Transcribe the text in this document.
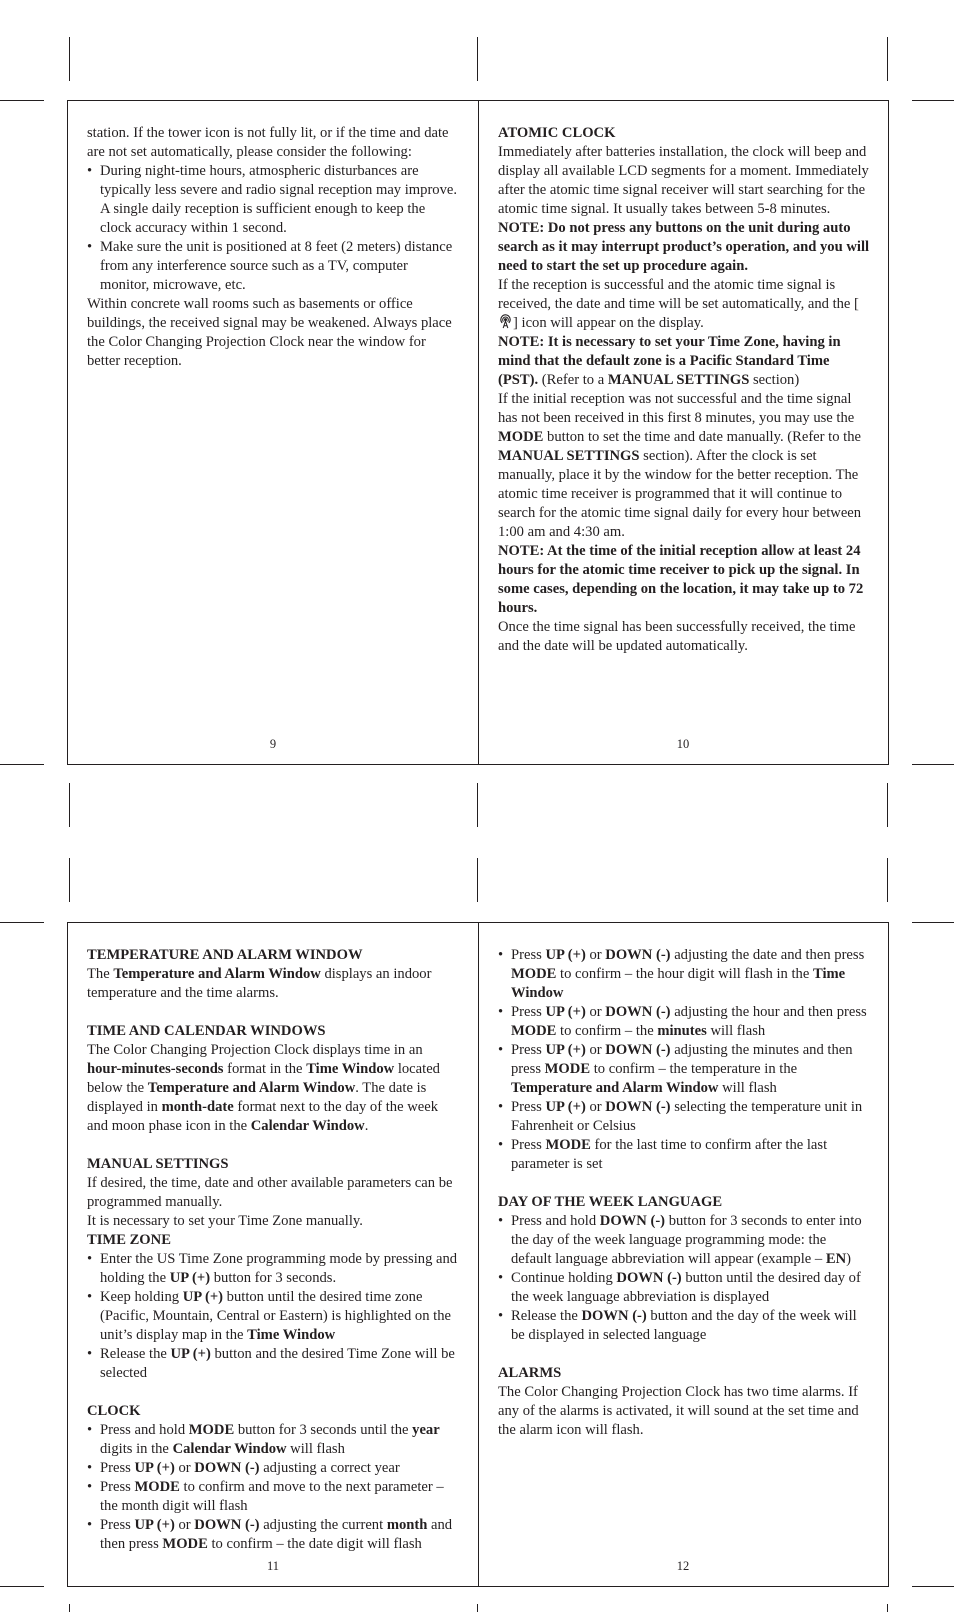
station. If the tower icon is not fully lit, or if the time and date are not set automatically, please consider the following:

• During night-time hours, atmospheric disturbances are typically less severe and radio signal reception may improve. A single daily reception is sufficient enough to keep the clock accuracy within 1 second.
• Make sure the unit is positioned at 8 feet (2 meters) distance from any interference source such as a TV, computer monitor, microwave, etc.

Within concrete wall rooms such as basements or office buildings, the received signal may be weakened. Always place the Color Changing Projection Clock near the window for better reception.

9
ATOMIC CLOCK

Immediately after batteries installation, the clock will beep and display all available LCD segments for a moment. Immediately after the atomic time signal receiver will start searching for the atomic time signal. It usually takes between 5-8 minutes.

NOTE: Do not press any buttons on the unit during auto search as it may interrupt product’s operation, and you will need to start the set up procedure again.

If the reception is successful and the atomic time signal is received, the date and time will be set automatically, and the [] icon will appear on the display.

NOTE: It is necessary to set your Time Zone, having in mind that the default zone is a Pacific Standard Time (PST). (Refer to a MANUAL SETTINGS section)

If the initial reception was not successful and the time signal has not been received in this first 8 minutes, you may use the MODE button to set the time and date manually. (Refer to the MANUAL SETTINGS section). After the clock is set manually, place it by the window for the better reception. The atomic time receiver is programmed that it will continue to search for the atomic time signal daily for every hour between 1:00 am and 4:30 am.

NOTE: At the time of the initial reception allow at least 24 hours for the atomic time receiver to pick up the signal. In some cases, depending on the location, it may take up to 72 hours.

Once the time signal has been successfully received, the time and the date will be updated automatically.

10
TEMPERATURE AND ALARM WINDOW

The Temperature and Alarm Window displays an indoor temperature and the time alarms.

TIME AND CALENDAR WINDOWS

The Color Changing Projection Clock displays time in an hour-minutes-seconds format in the Time Window located below the Temperature and Alarm Window. The date is displayed in month-date format next to the day of the week and moon phase icon in the Calendar Window.

MANUAL SETTINGS

If desired, the time, date and other available parameters can be programmed manually.

It is necessary to set your Time Zone manually.

TIME ZONE
• Enter the US Time Zone programming mode by pressing and holding the UP (+) button for 3 seconds.
• Keep holding UP (+) button until the desired time zone (Pacific, Mountain, Central or Eastern) is highlighted on the unit’s display map in the Time Window
• Release the UP (+) button and the desired Time Zone will be selected
CLOCK
• Press and hold MODE button for 3 seconds until the year digits in the Calendar Window will flash
• Press UP (+) or DOWN (-) adjusting a correct year
• Press MODE to confirm and move to the next parameter – the month digit will flash
• Press UP (+) or DOWN (-) adjusting the current month and then press MODE to confirm – the date digit will flash
11
• Press UP (+) or DOWN (-) adjusting the date and then press MODE to confirm – the hour digit will flash in the Time Window
• Press UP (+) or DOWN (-) adjusting the hour and then press MODE to confirm – the minutes will flash
• Press UP (+) or DOWN (-) adjusting the minutes and then press MODE to confirm – the temperature in the Temperature and Alarm Window will flash
• Press UP (+) or DOWN (-) selecting the temperature unit in Fahrenheit or Celsius
• Press MODE for the last time to confirm after the last parameter is set
DAY OF THE WEEK LANGUAGE
• Press and hold DOWN (-) button for 3 seconds to enter into the day of the week language programming mode: the default language abbreviation will appear (example – EN)
• Continue holding DOWN (-) button until the desired day of the week language abbreviation is displayed
• Release the DOWN (-) button and the day of the week will be displayed in selected language
ALARMS

The Color Changing Projection Clock has two time alarms. If any of the alarms is activated, it will sound at the set time and the alarm icon will flash.

12
